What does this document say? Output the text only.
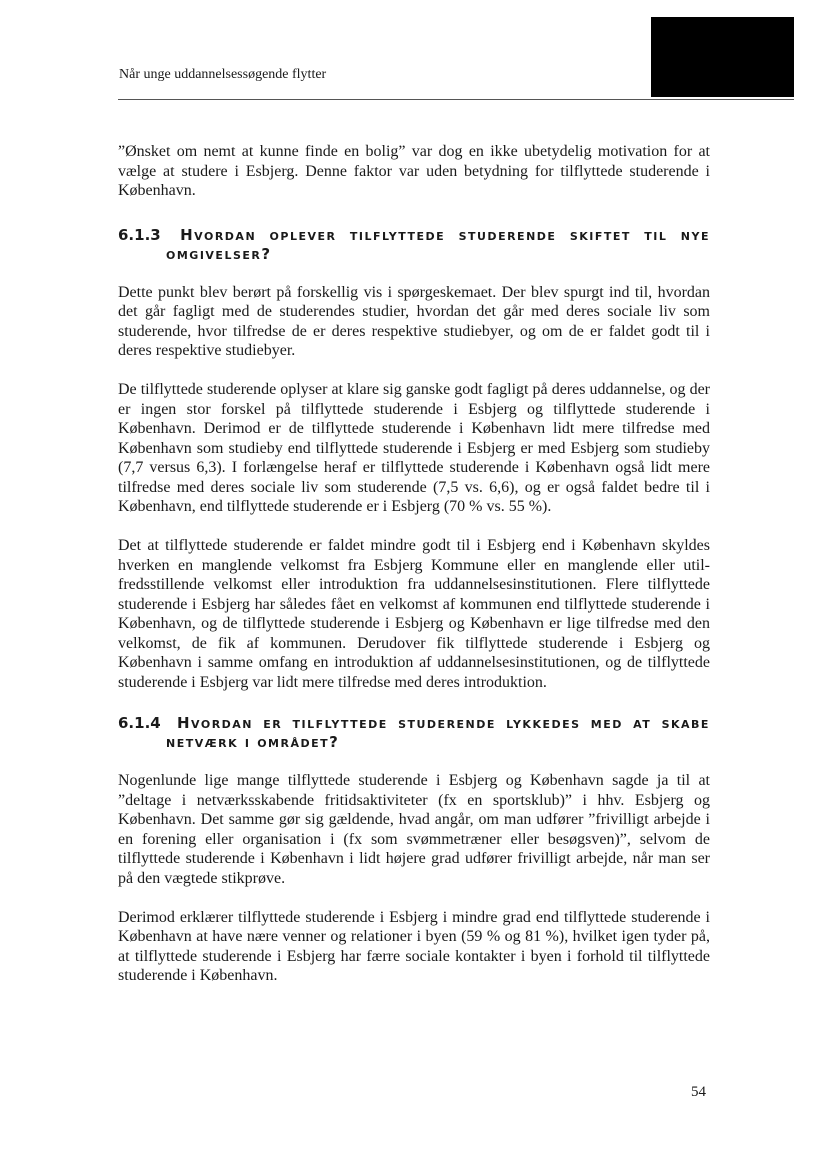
Når unge uddannelsessøgende flytter

”Ønsket om nemt at kunne finde en bolig” var dog en ikke ubetydelig motivation for at vælge at studere i Esbjerg. Denne faktor var uden betydning for tilflyttede studerende i København.

6.1.3 Hvordan oplever tilflyttede studerende skiftet til nye
omgivelser?

Dette punkt blev berørt på forskellig vis i spørgeskemaet. Der blev spurgt ind til, hvordan det går fagligt med de studerendes studier, hvordan det går med deres sociale liv som studerende, hvor tilfredse de er deres respektive studiebyer, og om de er faldet godt til i deres respektive studiebyer.

De tilflyttede studerende oplyser at klare sig ganske godt fagligt på deres uddannelse, og der er ingen stor forskel på tilflyttede studerende i Esbjerg og tilflyttede studerende i København. Derimod er de tilflyttede studerende i København lidt mere tilfredse med København som studieby end tilflyttede studerende i Esbjerg er med Esbjerg som studieby (7,7 versus 6,3). I forlængelse heraf er tilflyttede studerende i København også lidt mere tilfredse med deres sociale liv som studerende (7,5 vs. 6,6), og er også faldet bedre til i København, end tilflyttede studerende er i Esbjerg (70 % vs. 55 %).

Det at tilflyttede studerende er faldet mindre godt til i Esbjerg end i København skyldes hverken en manglende velkomst fra Esbjerg Kommune eller en manglende eller utilfredsstillende velkomst eller introduktion fra uddannelsesinstitutionen. Flere tilflyttede studerende i Esbjerg har således fået en velkomst af kommunen end tilflyttede studerende i København, og de tilflyttede studerende i Esbjerg og København er lige tilfredse med den velkomst, de fik af kommunen. Derudover fik tilflyttede studerende i Esbjerg og København i samme omfang en introduktion af uddannelsesinstitutionen, og de tilflyttede studerende i Esbjerg var lidt mere tilfredse med deres introduktion.

6.1.4 Hvordan er tilflyttede studerende lykkedes med at skabe
netværk i området?

Nogenlunde lige mange tilflyttede studerende i Esbjerg og København sagde ja til at ”deltage i netværksskabende fritidsaktiviteter (fx en sportsklub)” i hhv. Esbjerg og København. Det samme gør sig gældende, hvad angår, om man udfører ”frivilligt arbejde i en forening eller organisation i (fx som svømmetræner eller besøgsven)”, selvom de tilflyttede studerende i København i lidt højere grad udfører frivilligt arbejde, når man ser på den vægtede stikprøve.

Derimod erklærer tilflyttede studerende i Esbjerg i mindre grad end tilflyttede studerende i København at have nære venner og relationer i byen (59 % og 81 %), hvilket igen tyder på, at tilflyttede studerende i Esbjerg har færre sociale kontakter i byen i forhold til tilflyttede studerende i København.

54
